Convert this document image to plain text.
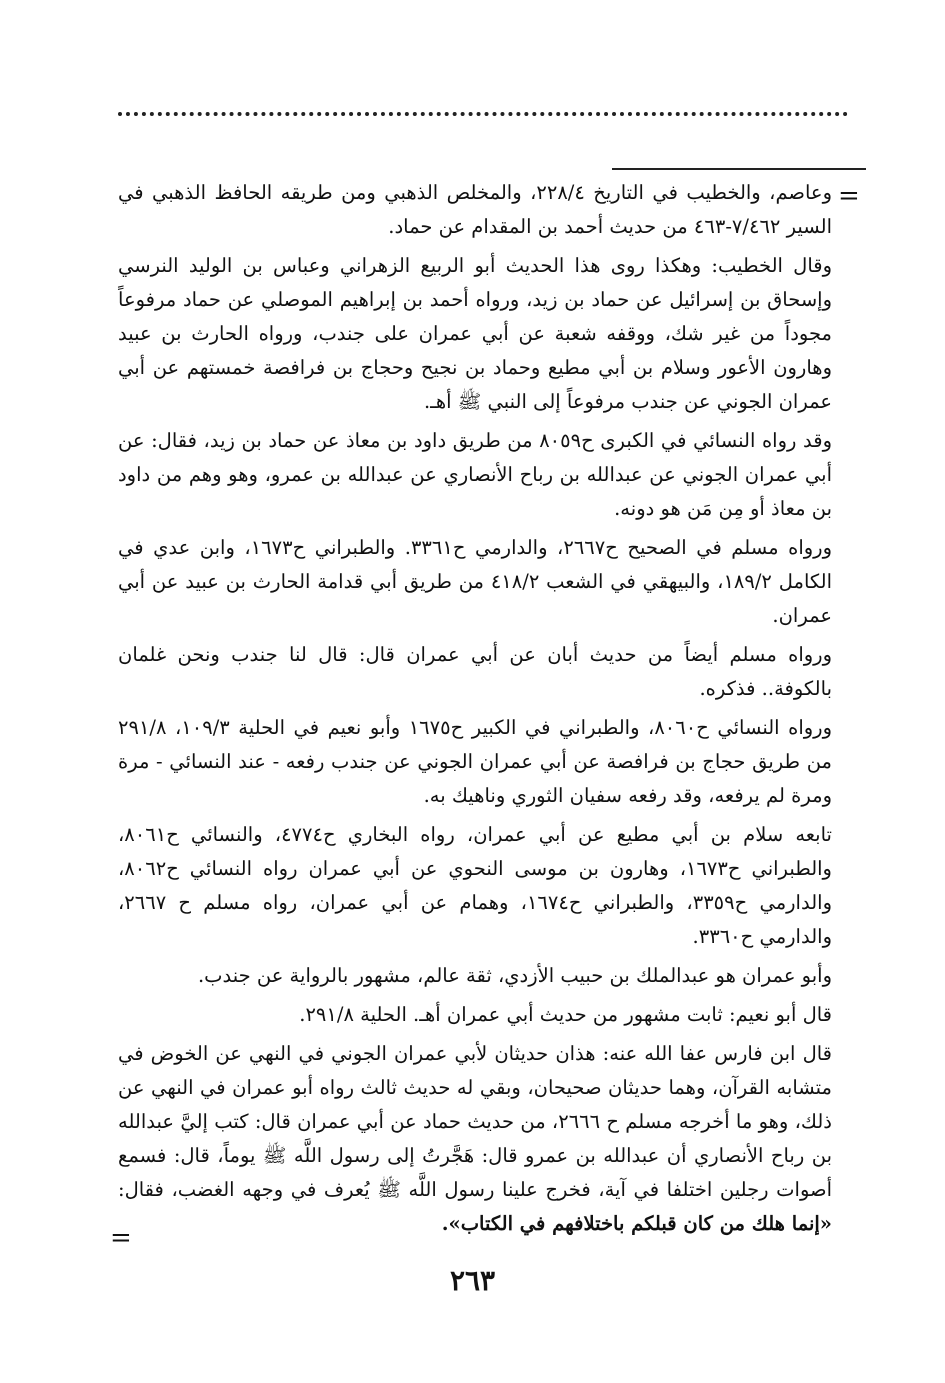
=

وعاصم، والخطيب في التاريخ ٢٢٨/٤، والمخلص الذهبي ومن طريقه الحافظ الذهبي في السير ٧/٤٦٢-٤٦٣ من حديث أحمد بن المقدام عن حماد.

وقال الخطيب: وهكذا روى هذا الحديث أبو الربيع الزهراني وعباس بن الوليد النرسي وإسحاق بن إسرائيل عن حماد بن زيد، ورواه أحمد بن إبراهيم الموصلي عن حماد مرفوعاً مجوداً من غير شك، ووقفه شعبة عن أبي عمران على جندب، ورواه الحارث بن عبيد وهارون الأعور وسلام بن أبي مطيع وحماد بن نجيح وحجاج بن فرافصة خمستهم عن أبي عمران الجوني عن جندب مرفوعاً إلى النبي ﷺ أهـ.

وقد رواه النسائي في الكبرى ح٨٠٥٩ من طريق داود بن معاذ عن حماد بن زيد، فقال: عن أبي عمران الجوني عن عبدالله بن رباح الأنصاري عن عبدالله بن عمرو، وهو وهم من داود بن معاذ أو مِن مَن هو دونه.

ورواه مسلم في الصحيح ح٢٦٦٧، والدارمي ح٣٣٦١. والطبراني ح١٦٧٣، وابن عدي في الكامل ١٨٩/٢، والبيهقي في الشعب ٤١٨/٢ من طريق أبي قدامة الحارث بن عبيد عن أبي عمران.

ورواه مسلم أيضاً من حديث أبان عن أبي عمران قال: قال لنا جندب ونحن غلمان بالكوفة.. فذكره.

ورواه النسائي ح٨٠٦٠، والطبراني في الكبير ح١٦٧٥ وأبو نعيم في الحلية ١٠٩/٣، ٢٩١/٨ من طريق حجاج بن فرافصة عن أبي عمران الجوني عن جندب رفعه - عند النسائي - مرة ومرة لم يرفعه، وقد رفعه سفيان الثوري وناهيك به.

تابعه سلام بن أبي مطيع عن أبي عمران، رواه البخاري ح٤٧٧٤، والنسائي ح٨٠٦١، والطبراني ح١٦٧٣، وهارون بن موسى النحوي عن أبي عمران رواه النسائي ح٨٠٦٢، والدارمي ح٣٣٥٩، والطبراني ح١٦٧٤، وهمام عن أبي عمران، رواه مسلم ح ٢٦٦٧، والدارمي ح٣٣٦٠.

وأبو عمران هو عبدالملك بن حبيب الأزدي، ثقة عالم، مشهور بالرواية عن جندب.

قال أبو نعيم: ثابت مشهور من حديث أبي عمران أهـ. الحلية ٢٩١/٨.

قال ابن فارس عفا الله عنه: هذان حديثان لأبي عمران الجوني في النهي عن الخوض في متشابه القرآن، وهما حديثان صحيحان، وبقي له حديث ثالث رواه أبو عمران في النهي عن ذلك، وهو ما أخرجه مسلم ح ٢٦٦٦، من حديث حماد عن أبي عمران قال: كتب إليَّ عبدالله بن رباح الأنصاري أن عبدالله بن عمرو قال: هَجَّرتُ إلى رسول اللَّه ﷺ يوماً، قال: فسمع أصوات رجلين اختلفا في آية، فخرج علينا رسول اللَّه ﷺ يُعرف في وجهه الغضب، فقال: «إنما هلك من كان قبلكم باختلافهم في الكتاب».

=
٢٦٣
